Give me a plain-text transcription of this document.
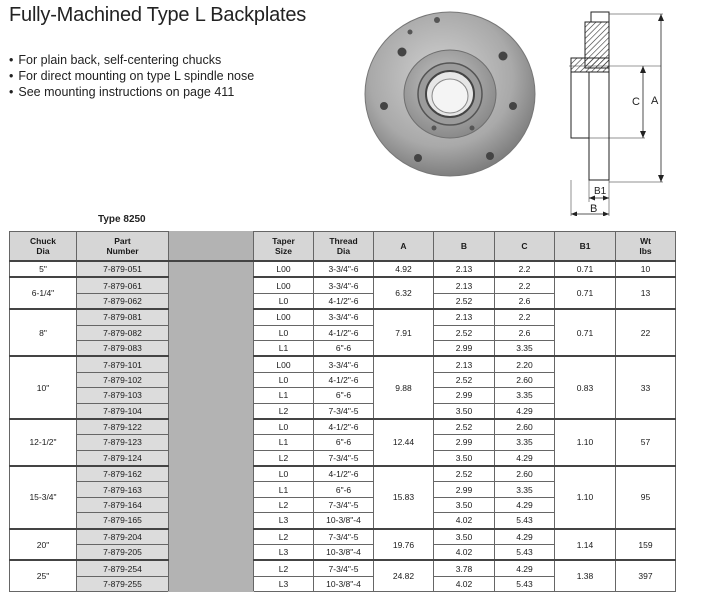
Fully-Machined Type L Backplates
• For plain back, self-centering chucks
• For direct mounting on type L spindle nose
• See mounting instructions on page 411
A
C
B1
B
Type 8250
Chuck
Dia	Part
Number		Taper
Size	Thread
Dia	A	B	C	B1	Wt
lbs
5"	7-879-051		L00	3-3/4"-6	4.92	2.13	2.2	0.71	10
6-1/4"	7-879-061		L00	3-3/4"-6	6.32	2.13	2.2	0.71	13
	7-879-062		L0	4-1/2"-6		2.52	2.6		
8"	7-879-081		L00	3-3/4"-6	7.91	2.13	2.2	0.71	22
	7-879-082		L0	4-1/2"-6		2.52	2.6		
	7-879-083		L1	6"-6		2.99	3.35		
10"	7-879-101		L00	3-3/4"-6	9.88	2.13	2.20	0.83	33
	7-879-102		L0	4-1/2"-6		2.52	2.60		
	7-879-103		L1	6"-6		2.99	3.35		
	7-879-104		L2	7-3/4"-5		3.50	4.29		
12-1/2"	7-879-122		L0	4-1/2"-6	12.44	2.52	2.60	1.10	57
	7-879-123		L1	6"-6		2.99	3.35		
	7-879-124		L2	7-3/4"-5		3.50	4.29		
15-3/4"	7-879-162		L0	4-1/2"-6	15.83	2.52	2.60	1.10	95
	7-879-163		L1	6"-6		2.99	3.35		
	7-879-164		L2	7-3/4"-5		3.50	4.29		
	7-879-165		L3	10-3/8"-4		4.02	5.43		
20"	7-879-204		L2	7-3/4"-5	19.76	3.50	4.29	1.14	159
	7-879-205		L3	10-3/8"-4		4.02	5.43		
25"	7-879-254		L2	7-3/4"-5	24.82	3.78	4.29	1.38	397
	7-879-255		L3	10-3/8"-4		4.02	5.43		
